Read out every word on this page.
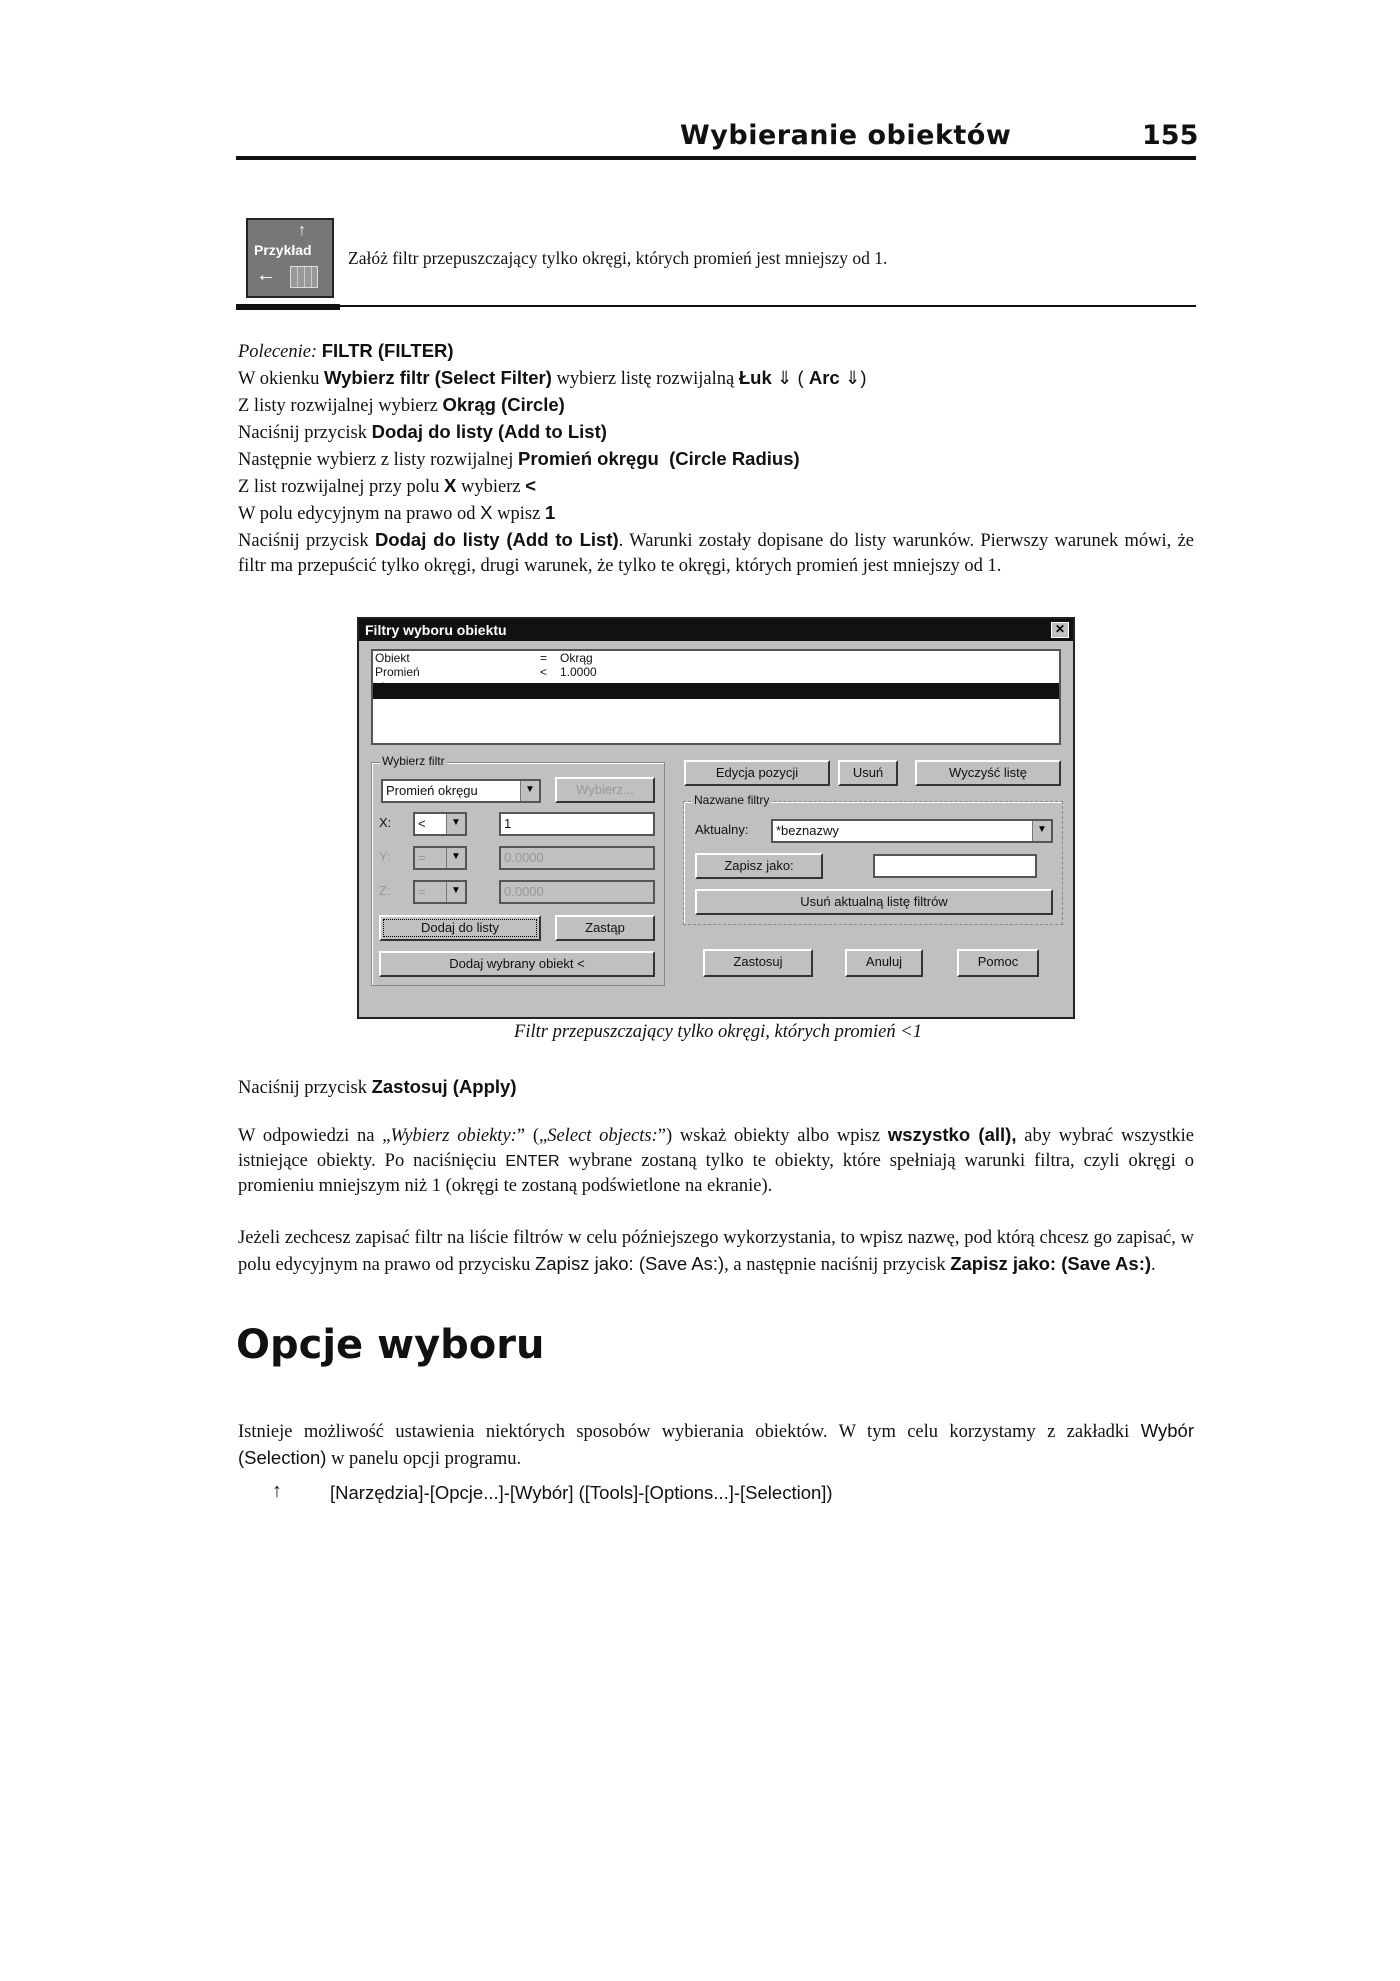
Wybieranie obiektów	155
↑
Przykład
←
Załóż filtr przepuszczający tylko okręgi, których promień jest mniejszy od 1.
Polecenie: FILTR (FILTER)
W okienku Wybierz filtr (Select Filter) wybierz listę rozwijalną Łuk ⇓ ( Arc ⇓)
Z listy rozwijalnej wybierz Okrąg (Circle)
Naciśnij przycisk Dodaj do listy (Add to List)
Następnie wybierz z listy rozwijalnej Promień okręgu  (Circle Radius)
Z list rozwijalnej przy polu X wybierz <
W polu edycyjnym na prawo od X wpisz 1

Naciśnij przycisk Dodaj do listy (Add to List). Warunki zostały dopisane do listy warunków. Pierwszy warunek mówi, że filtr ma przepuścić tylko okręgi, drugi warunek, że tylko te okręgi, których promień jest mniejszy od 1.

Filtry wyboru obiektu	✕
Obiekt	= Okrąg
Promień	< 1.0000
Wybierz filtr
Promień okręgu	▼	Wybierz...
X:	<	▼	1
Y:	=	▼	0.0000
Z:	=	▼	0.0000
Dodaj do listy	Zastąp
Dodaj wybrany obiekt <
Edycja pozycji	Usuń	Wyczyść listę
Nazwane filtry
Aktualny:	*beznazwy	▼
Zapisz jako:
Usuń aktualną listę filtrów
Zastosuj	Anuluj	Pomoc
Filtr przepuszczający tylko okręgi, których promień <1

Naciśnij przycisk Zastosuj (Apply)

W odpowiedzi na „Wybierz obiekty:” („Select objects:”) wskaż obiekty albo wpisz wszystko (all), aby wybrać wszystkie istniejące obiekty. Po naciśnięciu ENTER wybrane zostaną tylko te obiekty, które spełniają warunki filtra, czyli okręgi o promieniu mniejszym niż 1 (okręgi te zostaną podświetlone na ekranie).

Jeżeli zechcesz zapisać filtr na liście filtrów w celu późniejszego wykorzystania, to wpisz nazwę, pod którą chcesz go zapisać, w polu edycyjnym na prawo od przycisku Zapisz jako: (Save As:), a następnie naciśnij przycisk Zapisz jako: (Save As:).

Opcje wyboru

Istnieje możliwość ustawienia niektórych sposobów wybierania obiektów. W tym celu korzystamy z zakładki Wybór (Selection) w panelu opcji programu.

↑	[Narzędzia]-[Opcje...]-[Wybór] ([Tools]-[Options...]-[Selection])
